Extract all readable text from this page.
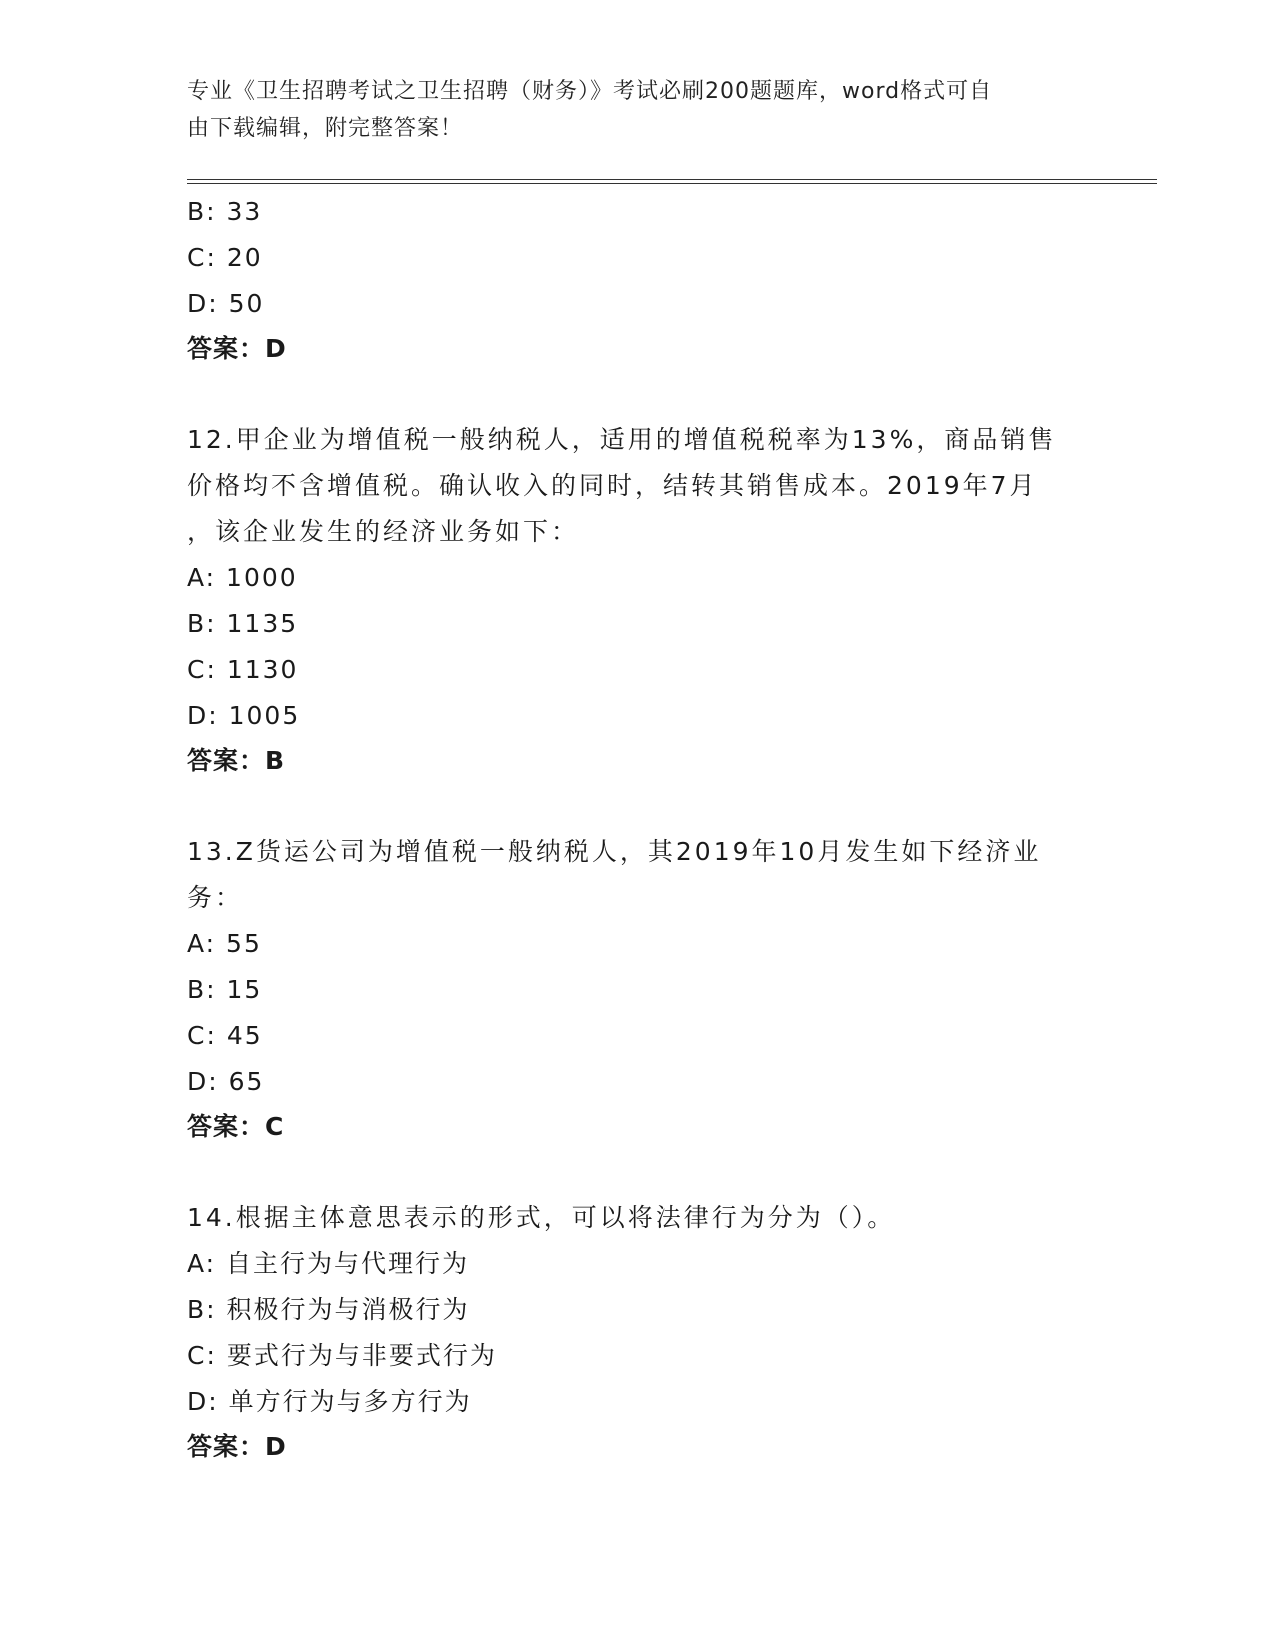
专业《卫生招聘考试之卫生招聘（财务）》考试必刷200题题库，word格式可自
由下载编辑，附完整答案！
B: 33
C: 20
D: 50
答案：D
12.甲企业为增值税一般纳税人，适用的增值税税率为13%，商品销售
价格均不含增值税。确认收入的同时，结转其销售成本。2019年7月
，该企业发生的经济业务如下：
A: 1000
B: 1135
C: 1130
D: 1005
答案：B
13.Z货运公司为增值税一般纳税人，其2019年10月发生如下经济业
务：
A: 55
B: 15
C: 45
D: 65
答案：C
14.根据主体意思表示的形式，可以将法律行为分为（）。
A: 自主行为与代理行为
B: 积极行为与消极行为
C: 要式行为与非要式行为
D: 单方行为与多方行为
答案：D
